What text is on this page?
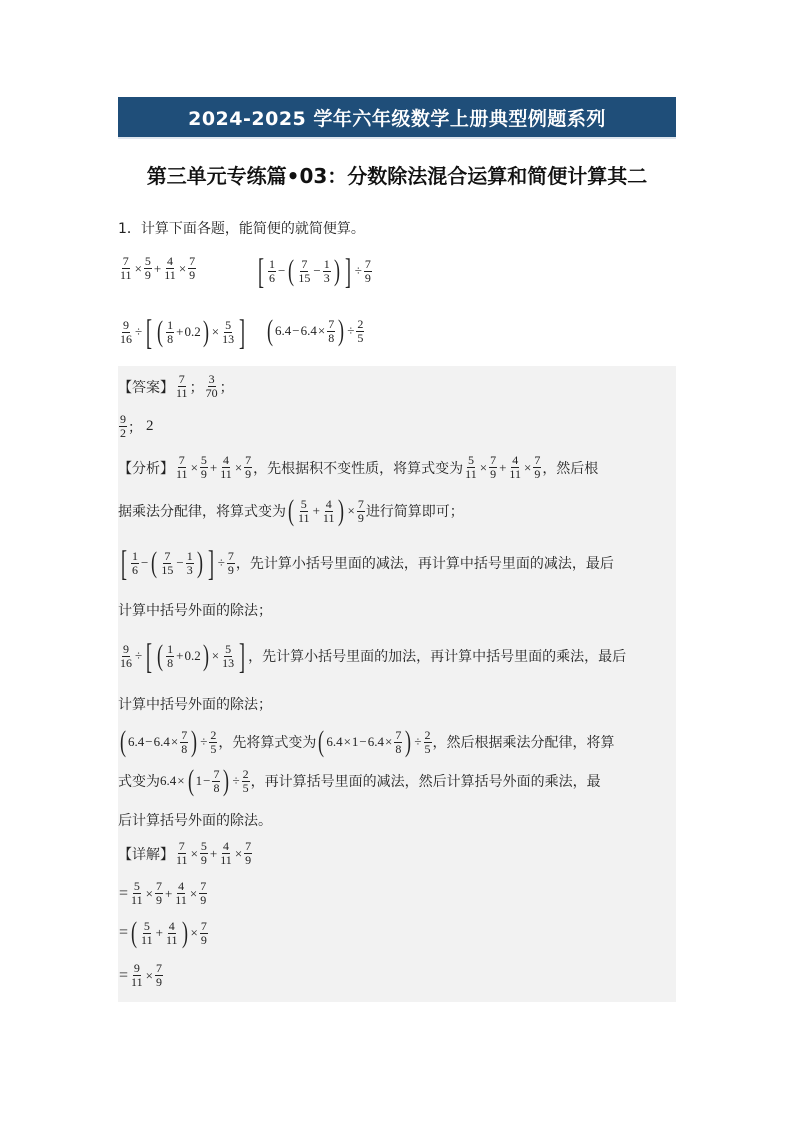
2024-2025 学年六年级数学上册典型例题系列
第三单元专练篇•03：分数除法混合运算和简便计算其二
1．计算下面各题，能简便的就简便算。
$\frac{7}{11} \times \frac{5}{9} + \frac{4}{11} \times \frac{7}{9}$ [ $\frac{1}{6}$ − ( $\frac{7}{15} - \frac{1}{3}$ ) ] ÷ $\frac{7}{9}$
$\frac{9}{16}$ ÷ [ ( $\frac{1}{8} + 0.2$ ) × $\frac{5}{13}$ ] ( $6.4 - 6.4 \times \frac{7}{8}$ ) ÷ $\frac{2}{5}$
【答案】 $\frac{7}{11}$ ； $\frac{3}{70}$ ；
$\frac{9}{2}$ ； 2
【分析】 $\frac{7}{11} \times \frac{5}{9} + \frac{4}{11} \times \frac{7}{9}$ ，先根据积不变性质，将算式变为 $\frac{5}{11} \times \frac{7}{9} + \frac{4}{11} \times \frac{7}{9}$ ，然后根
据乘法分配律，将算式变为 ( $\frac{5}{11} + \frac{4}{11}$ ) × $\frac{7}{9}$ 进行简算即可；
[ $\frac{1}{6}$ − ( $\frac{7}{15} - \frac{1}{3}$ ) ] ÷ $\frac{7}{9}$ ，先计算小括号里面的减法，再计算中括号里面的减法，最后
计算中括号外面的除法；
$\frac{9}{16}$ ÷ [ ( $\frac{1}{8} + 0.2$ ) × $\frac{5}{13}$ ] ，先计算小括号里面的加法，再计算中括号里面的乘法，最后
计算中括号外面的除法；
( $6.4 - 6.4 \times \frac{7}{8}$ ) ÷ $\frac{2}{5}$ ，先将算式变为 ( $6.4 \times 1 - 6.4 \times \frac{7}{8}$ ) ÷ $\frac{2}{5}$ ，然后根据乘法分配律，将算
式变为 6.4 × ( $1 - \frac{7}{8}$ ) ÷ $\frac{2}{5}$ ，再计算括号里面的减法，然后计算括号外面的乘法，最
后计算括号外面的除法。
【详解】 $\frac{7}{11} \times \frac{5}{9} + \frac{4}{11} \times \frac{7}{9}$
= $\frac{5}{11} \times \frac{7}{9} + \frac{4}{11} \times \frac{7}{9}$
= ( $\frac{5}{11} + \frac{4}{11}$ ) × $\frac{7}{9}$
= $\frac{9}{11} \times \frac{7}{9}$
